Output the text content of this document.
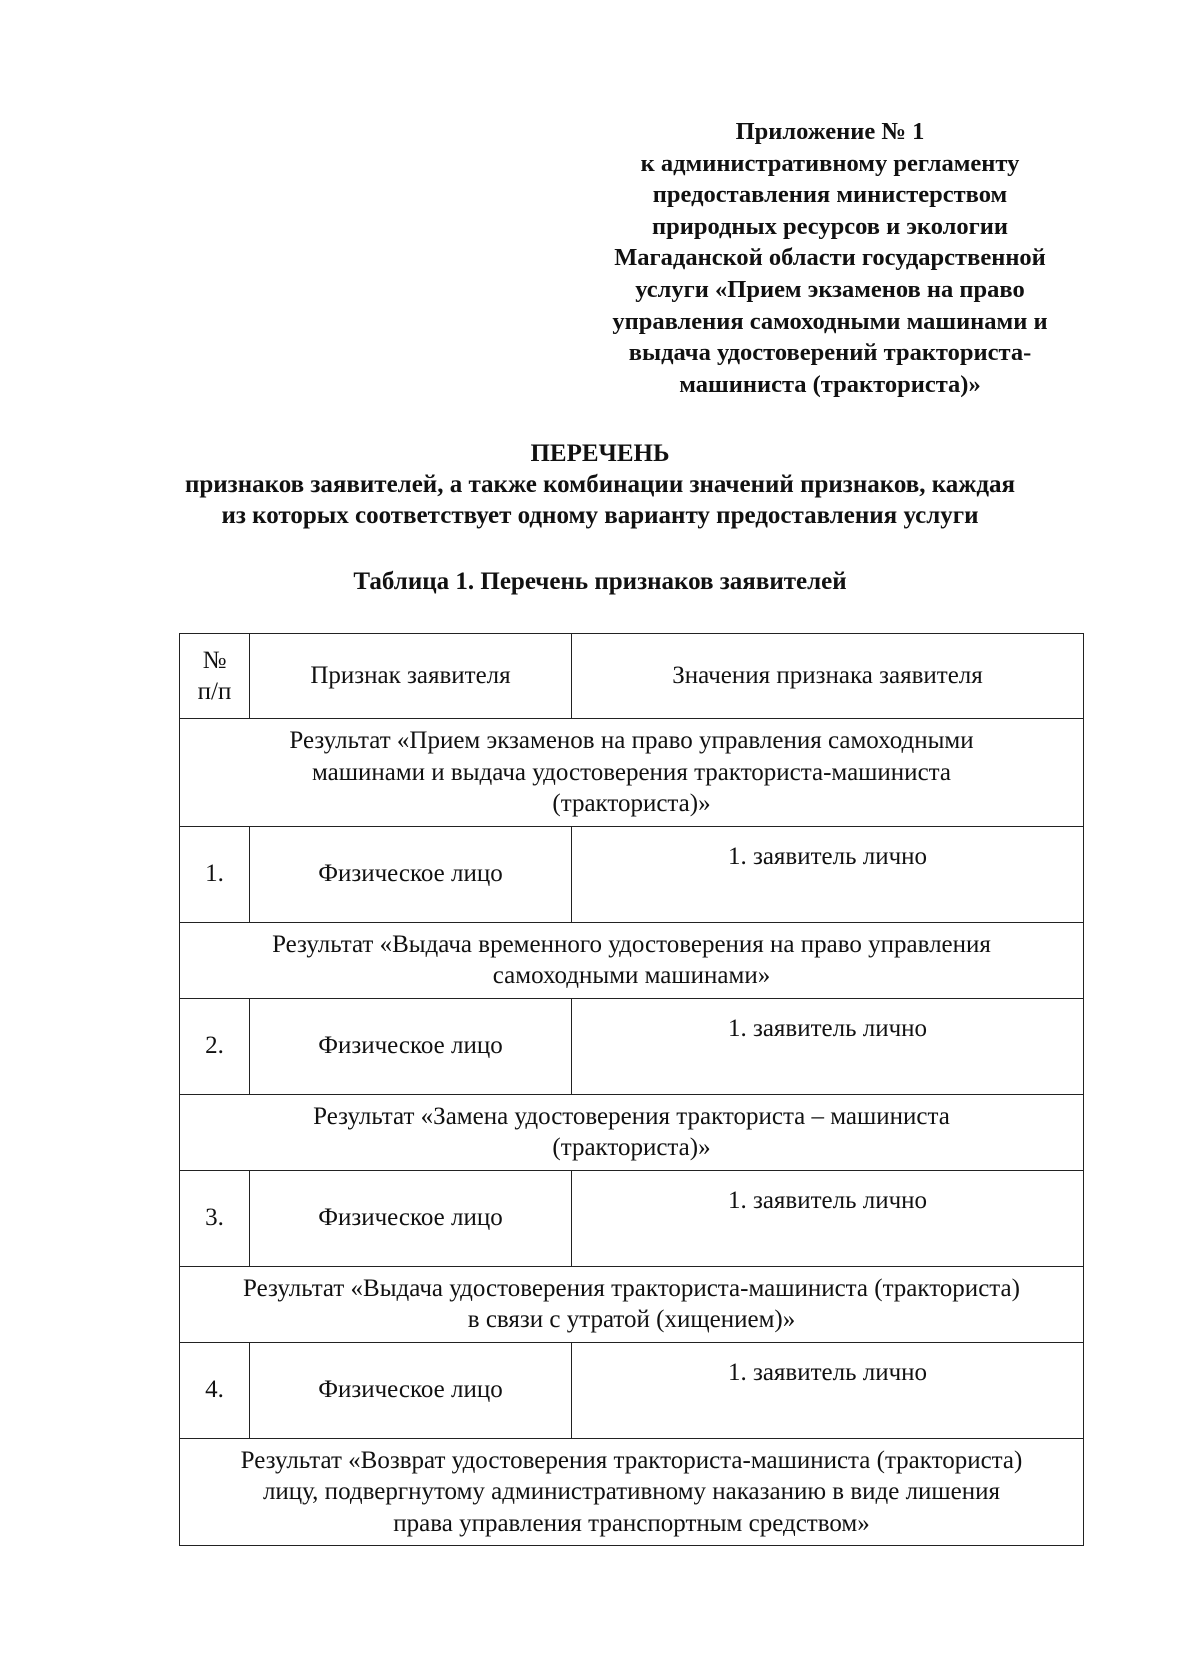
Приложение № 1
к административному регламенту
предоставления министерством
природных ресурсов и экологии
Магаданской области государственной
услуги «Прием экзаменов на право
управления самоходными машинами и
выдача удостоверений тракториста-
машиниста (тракториста)»
ПЕРЕЧЕНЬ
признаков заявителей, а также комбинации значений признаков, каждая
из которых соответствует одному варианту предоставления услуги
Таблица 1. Перечень признаков заявителей
№
п/п	Признак заявителя	Значения признака заявителя

Результат «Прием экзаменов на право управления самоходными
машинами и выдача удостоверения тракториста-машиниста
(тракториста)»		

1.	Физическое лицо	1. заявитель лично

Результат «Выдача временного удостоверения на право управления
самоходными машинами»		

2.	Физическое лицо	1. заявитель лично

Результат «Замена удостоверения тракториста – машиниста
(тракториста)»		

3.	Физическое лицо	1. заявитель лично

Результат «Выдача удостоверения тракториста-машиниста (тракториста)
в связи с утратой (хищением)»		

4.	Физическое лицо	1. заявитель лично

Результат «Возврат удостоверения тракториста-машиниста (тракториста)
лицу, подвергнутому административному наказанию в виде лишения
права управления транспортным средством»		
